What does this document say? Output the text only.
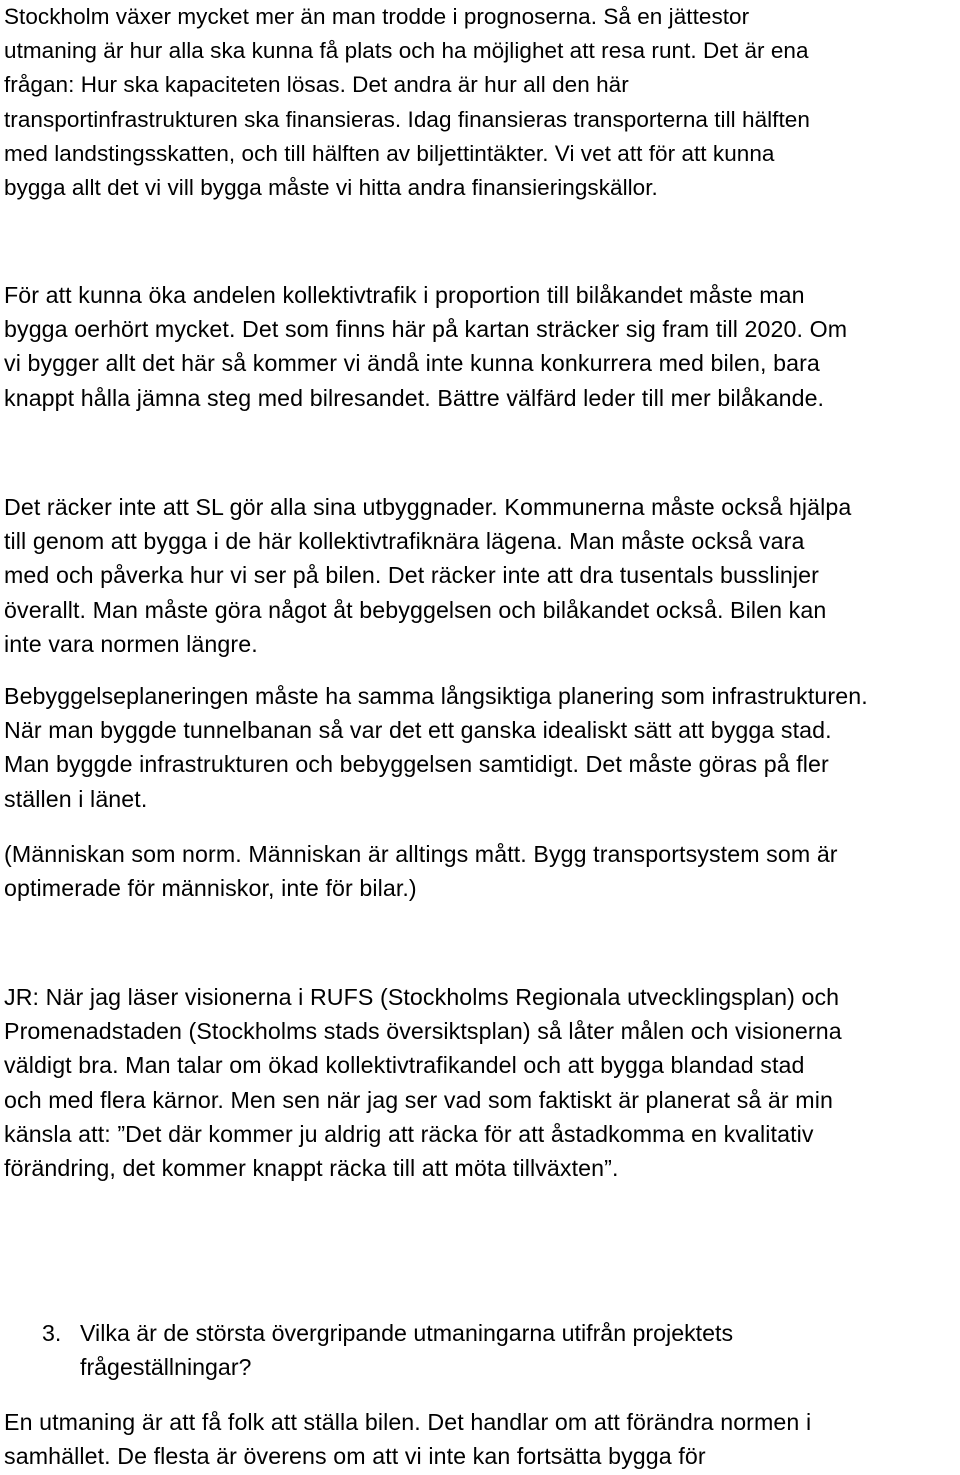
Stockholm växer mycket mer än man trodde i prognoserna. Så en jättestor
utmaning är hur alla ska kunna få plats och ha möjlighet att resa runt. Det är ena
frågan: Hur ska kapaciteten lösas. Det andra är hur all den här
transportinfrastrukturen ska finansieras. Idag finansieras transporterna till hälften
med landstingsskatten, och till hälften av biljettintäkter. Vi vet att för att kunna
bygga allt det vi vill bygga måste vi hitta andra finansieringskällor.

För att kunna öka andelen kollektivtrafik i proportion till bilåkandet måste man
bygga oerhört mycket. Det som finns här på kartan sträcker sig fram till 2020. Om
vi bygger allt det här så kommer vi ändå inte kunna konkurrera med bilen, bara
knappt hålla jämna steg med bilresandet. Bättre välfärd leder till mer bilåkande.

Det räcker inte att SL gör alla sina utbyggnader. Kommunerna måste också hjälpa
till genom att bygga i de här kollektivtrafiknära lägena. Man måste också vara
med och påverka hur vi ser på bilen. Det räcker inte att dra tusentals busslinjer
överallt. Man måste göra något åt bebyggelsen och bilåkandet också. Bilen kan
inte vara normen längre.

Bebyggelseplaneringen måste ha samma långsiktiga planering som infrastrukturen.
När man byggde tunnelbanan så var det ett ganska idealiskt sätt att bygga stad.
Man byggde infrastrukturen och bebyggelsen samtidigt. Det måste göras på fler
ställen i länet.

(Människan som norm. Människan är alltings mått. Bygg transportsystem som är
optimerade för människor, inte för bilar.)

JR: När jag läser visionerna i RUFS (Stockholms Regionala utvecklingsplan) och
Promenadstaden (Stockholms stads översiktsplan) så låter målen och visionerna
väldigt bra. Man talar om ökad kollektivtrafikandel och att bygga blandad stad
och med flera kärnor. Men sen när jag ser vad som faktiskt är planerat så är min
känsla att: ”Det där kommer ju aldrig att räcka för att åstadkomma en kvalitativ
förändring, det kommer knappt räcka till att möta tillväxten”.

3. Vilka är de största övergripande utmaningarna utifrån projektets
frågeställningar?

En utmaning är att få folk att ställa bilen. Det handlar om att förändra normen i
samhället. De flesta är överens om att vi inte kan fortsätta bygga för
